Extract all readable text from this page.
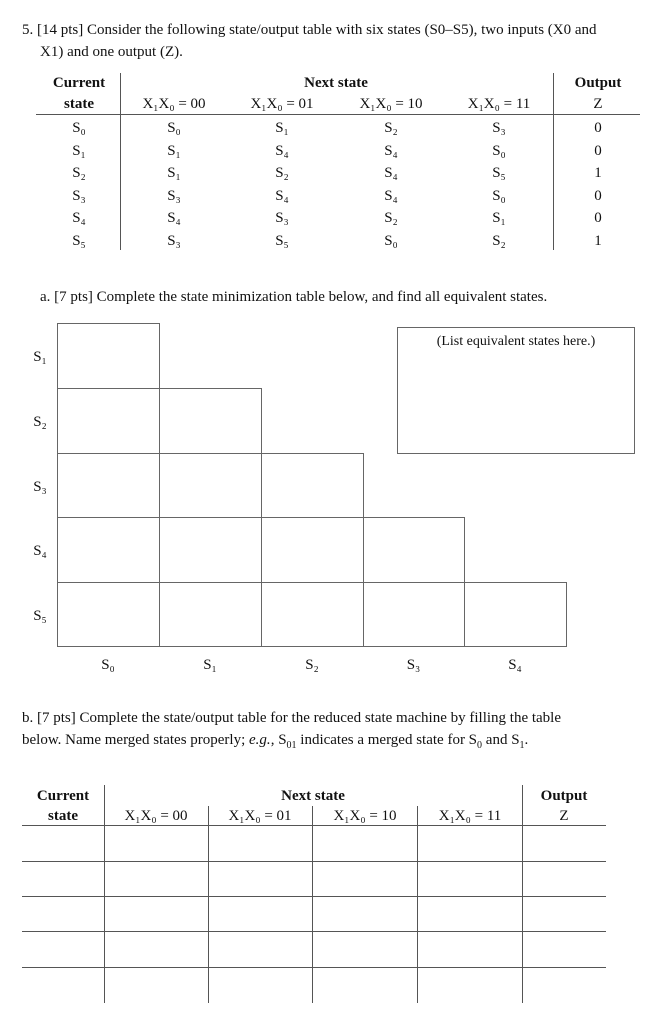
5. [14 pts] Consider the following state/output table with six states (S0–S5), two inputs (X0 and
X1) and one output (Z).
Current
state
Next state	Output
Z
X₁X₀ = 00	X₁X₀ = 01	X₁X₀ = 10	X₁X₀ = 11
S₀	S₀	S₁	S₂	S₃	0
S₁	S₁	S₄	S₄	S₀	0
S₂	S₁	S₂	S₄	S₅	1
S₃	S₃	S₄	S₄	S₀	0
S₄	S₄	S₃	S₂	S₁	0
S₅	S₃	S₅	S₀	S₂	1
a. [7 pts] Complete the state minimization table below, and find all equivalent states.
S₁
S₀
S₂
S₁
S₃
S₂
S₄
S₃
S₅
S₄
(List equivalent states here.)
b. [7 pts] Complete the state/output table for the reduced state machine by filling the table
below. Name merged states properly; e.g., $S_{01}$ indicates a merged state for $S_0$ and $S_1$.
Current
state
Next state	Output
Z
X₁X₀ = 00	X₁X₀ = 01	X₁X₀ = 10	X₁X₀ = 11
